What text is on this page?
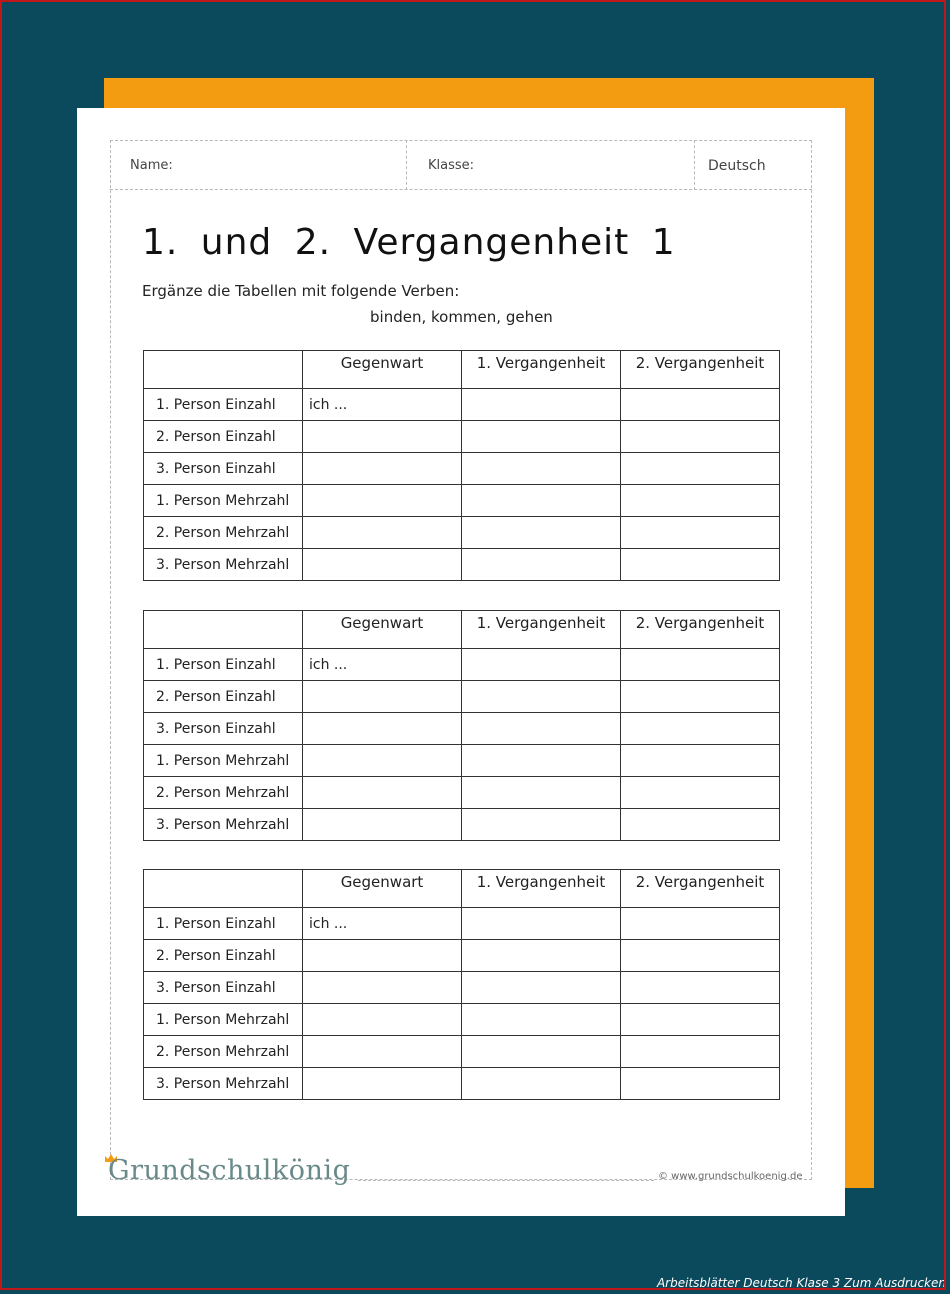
Name:	Klasse:	Deutsch
1. und 2. Vergangenheit 1
Ergänze die Tabellen mit folgende Verben:
binden, kommen, gehen
	Gegenwart	1. Vergangenheit	2. Vergangenheit
1. Person Einzahl	ich ...		
2. Person Einzahl			
3. Person Einzahl			
1. Person Mehrzahl			
2. Person Mehrzahl			
3. Person Mehrzahl			
	Gegenwart	1. Vergangenheit	2. Vergangenheit
1. Person Einzahl	ich ...		
2. Person Einzahl			
3. Person Einzahl			
1. Person Mehrzahl			
2. Person Mehrzahl			
3. Person Mehrzahl			
	Gegenwart	1. Vergangenheit	2. Vergangenheit
1. Person Einzahl	ich ...		
2. Person Einzahl			
3. Person Einzahl			
1. Person Mehrzahl			
2. Person Mehrzahl			
3. Person Mehrzahl			
Grundschulkönig	© www.grundschulkoenig.de
Arbeitsblätter Deutsch Klase 3 Zum Ausdrucken
